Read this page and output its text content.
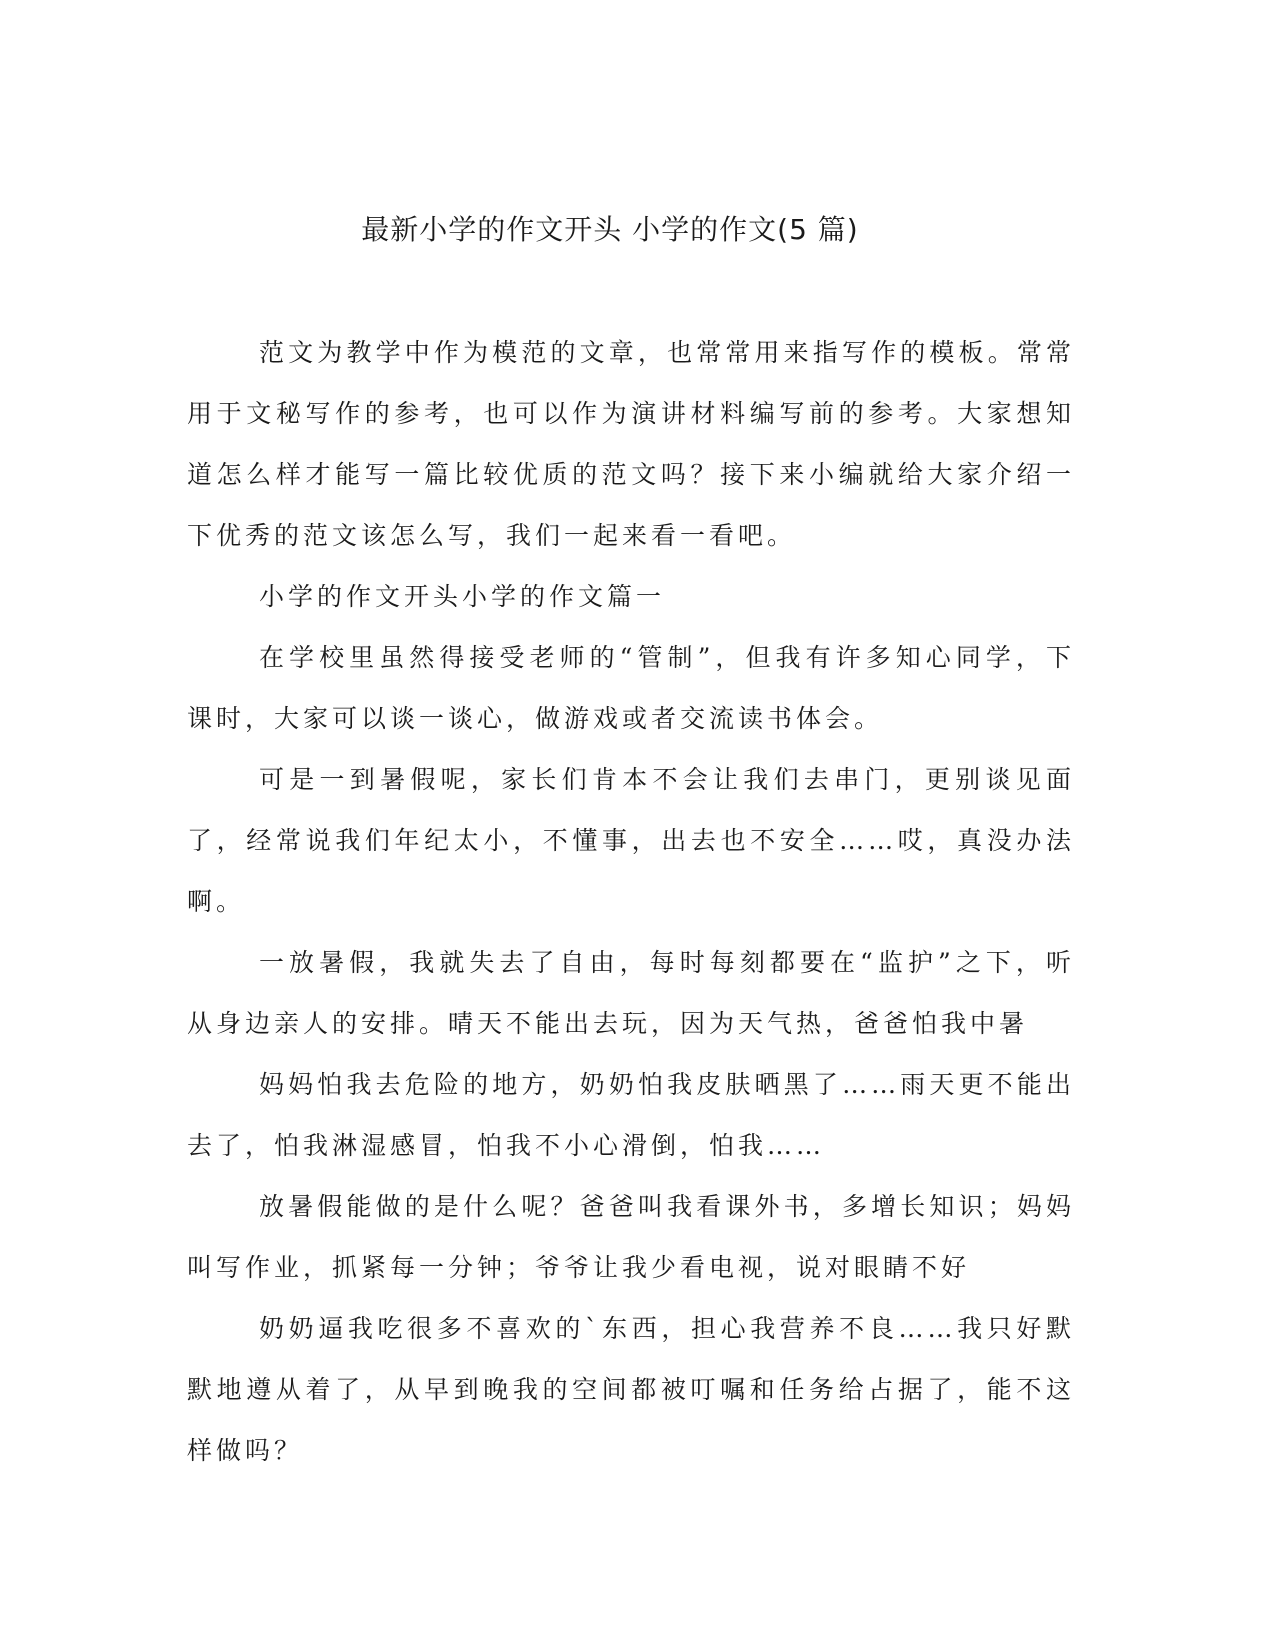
最新小学的作文开头 小学的作文(5 篇)

范文为教学中作为模范的文章，也常常用来指写作的模板。常常用于文秘写作的参考，也可以作为演讲材料编写前的参考。大家想知道怎么样才能写一篇比较优质的范文吗？接下来小编就给大家介绍一下优秀的范文该怎么写，我们一起来看一看吧。

小学的作文开头小学的作文篇一

在学校里虽然得接受老师的“管制”，但我有许多知心同学，下课时，大家可以谈一谈心，做游戏或者交流读书体会。

可是一到暑假呢，家长们肯本不会让我们去串门，更别谈见面了，经常说我们年纪太小，不懂事，出去也不安全……哎，真没办法啊。

一放暑假，我就失去了自由，每时每刻都要在“监护”之下，听从身边亲人的安排。晴天不能出去玩，因为天气热，爸爸怕我中暑

妈妈怕我去危险的地方，奶奶怕我皮肤晒黑了……雨天更不能出去了，怕我淋湿感冒，怕我不小心滑倒，怕我……

放暑假能做的是什么呢？爸爸叫我看课外书，多增长知识；妈妈叫写作业，抓紧每一分钟；爷爷让我少看电视，说对眼睛不好

奶奶逼我吃很多不喜欢的`东西，担心我营养不良……我只好默默地遵从着了，从早到晚我的空间都被叮嘱和任务给占据了，能不这样做吗？
